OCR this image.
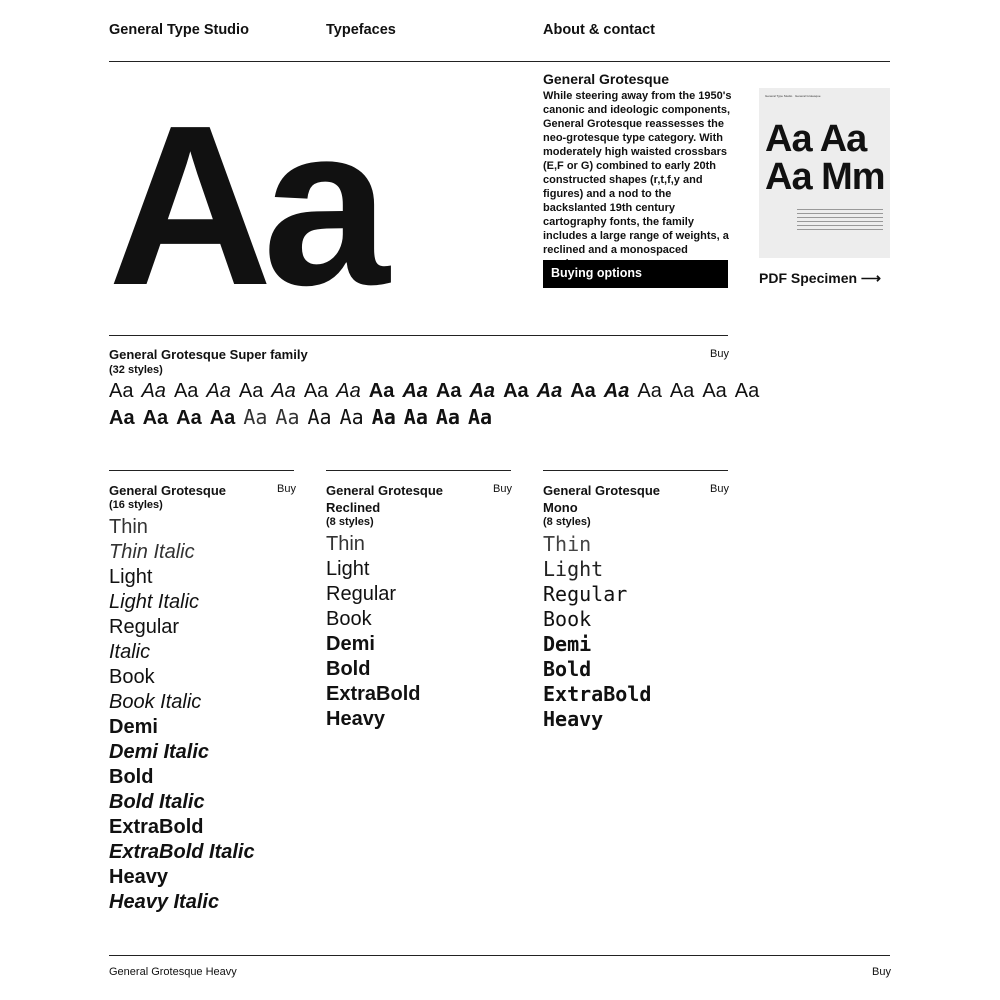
General Type Studio	Typefaces	About & contact
Aa	General Grotesque
While steering away from the 1950's canonic and ideologic components, General Grotesque reassesses the neo-grotesque type category. With moderately high waisted crossbars (E,F or G) combined to early 20th constructed shapes (r,t,f,y and figures) and a nod to the backslanted 19th century cartography fonts, the family includes a large range of weights, a reclined and a monospaced
Buying options
General Type Studio General Grotesque
Aa Aa
Aa Mm
PDF Specimen ⟶
General Grotesque Super family
(32 styles)
Buy
Aa Aa Aa Aa Aa Aa Aa Aa Aa Aa Aa Aa Aa Aa Aa Aa Aa Aa Aa Aa
Aa Aa Aa Aa Aa Aa Aa Aa Aa Aa Aa Aa
General Grotesque
(16 styles)
Buy
Thin
Thin Italic
Light
Light Italic
Regular
Italic
Book
Book Italic
Demi
Demi Italic
Bold
Bold Italic
ExtraBold
ExtraBold Italic
Heavy
Heavy Italic
General Grotesque Reclined
(8 styles)
Buy
Thin
Light
Regular
Book
Demi
Bold
ExtraBold
Heavy
General Grotesque Mono
(8 styles)
Buy
Thin
Light
Regular
Book
Demi
Bold
ExtraBold
Heavy
General Grotesque Heavy	Buy
